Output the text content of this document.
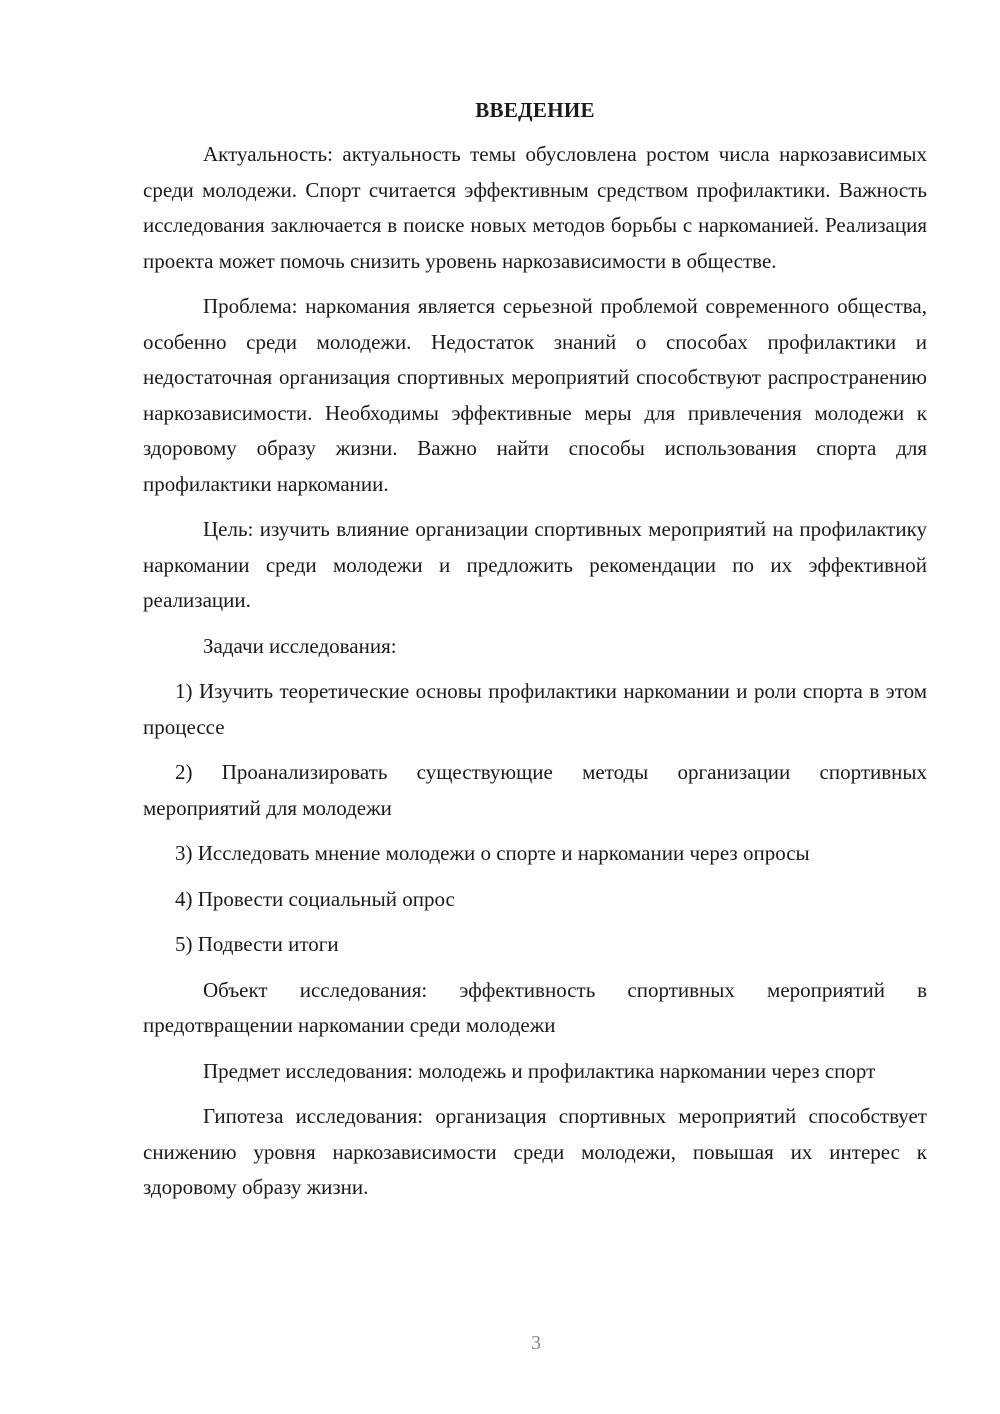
ВВЕДЕНИЕ

Актуальность: актуальность темы обусловлена ростом числа наркозависимых среди молодежи. Спорт считается эффективным средством профилактики. Важность исследования заключается в поиске новых методов борьбы с наркоманией. Реализация проекта может помочь снизить уровень наркозависимости в обществе.

Проблема: наркомания является серьезной проблемой современного общества, особенно среди молодежи. Недостаток знаний о способах профилактики и недостаточная организация спортивных мероприятий способствуют распространению наркозависимости. Необходимы эффективные меры для привлечения молодежи к здоровому образу жизни. Важно найти способы использования спорта для профилактики наркомании.

Цель: изучить влияние организации спортивных мероприятий на профилактику наркомании среди молодежи и предложить рекомендации по их эффективной реализации.

Задачи исследования:

1) Изучить теоретические основы профилактики наркомании и роли спорта в этом процессе

2) Проанализировать существующие методы организации спортивных мероприятий для молодежи

3) Исследовать мнение молодежи о спорте и наркомании через опросы

4) Провести социальный опрос

5) Подвести итоги

Объект исследования: эффективность спортивных мероприятий в предотвращении наркомании среди молодежи

Предмет исследования: молодежь и профилактика наркомании через спорт

Гипотеза исследования: организация спортивных мероприятий способствует снижению уровня наркозависимости среди молодежи, повышая их интерес к здоровому образу жизни.

3
